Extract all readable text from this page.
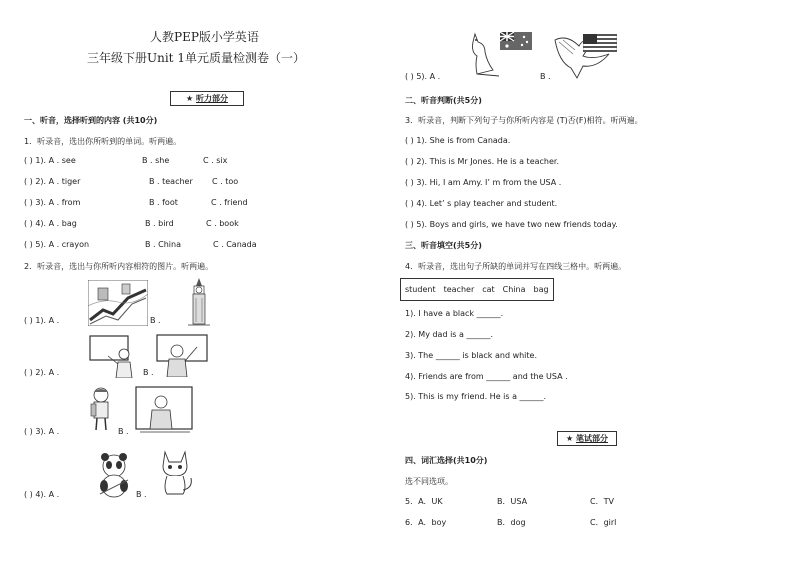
人教PEP版小学英语
三年级下册Unit 1单元质量检测卷（一）
★
听力部分
一、听音，选择听到的内容 (共10分)
1．听录音，选出你所听到的单词。听两遍。
( ) 1). A . see	B . she	C . six
( ) 2). A . tiger	B . teacher C . too
( ) 3). A . from	B . foot	C . friend
( ) 4). A . bag	B . bird	C . book
( ) 5). A . crayon	B . China	C . Canada
2．听录音，选出与你所听内容相符的图片。听两遍。
( ) 1). A .	B .
( ) 2). A .	B .
( ) 3). A .	B .
( ) 4). A .	B .
( ) 5). A .	B .
二、听音判断(共5分)
3．听录音，判断下列句子与你所听内容是 (T)否(F)相符。听两遍。
( ) 1). She is from Canada.
( ) 2). This is Mr Jones. He is a teacher.
( ) 3). Hi, I am Amy. I’ m from the USA .
( ) 4). Let’ s play teacher and student.
( ) 5). Boys and girls, we have two new friends today.
三、听音填空(共5分)
4．听录音，选出句子所缺的单词并写在四线三格中。听两遍。
student teacher cat China bag
1). I have a black ______.
2). My dad is a ______.
3). The ______ is black and white.
4). Friends are from ______ and the USA .
5). This is my friend. He is a ______.
★
笔试部分
四、词汇选择(共10分)
选不同选项。
5．A．UK	B．USA	C．TV
6．A．boy	B．dog	C．girl
